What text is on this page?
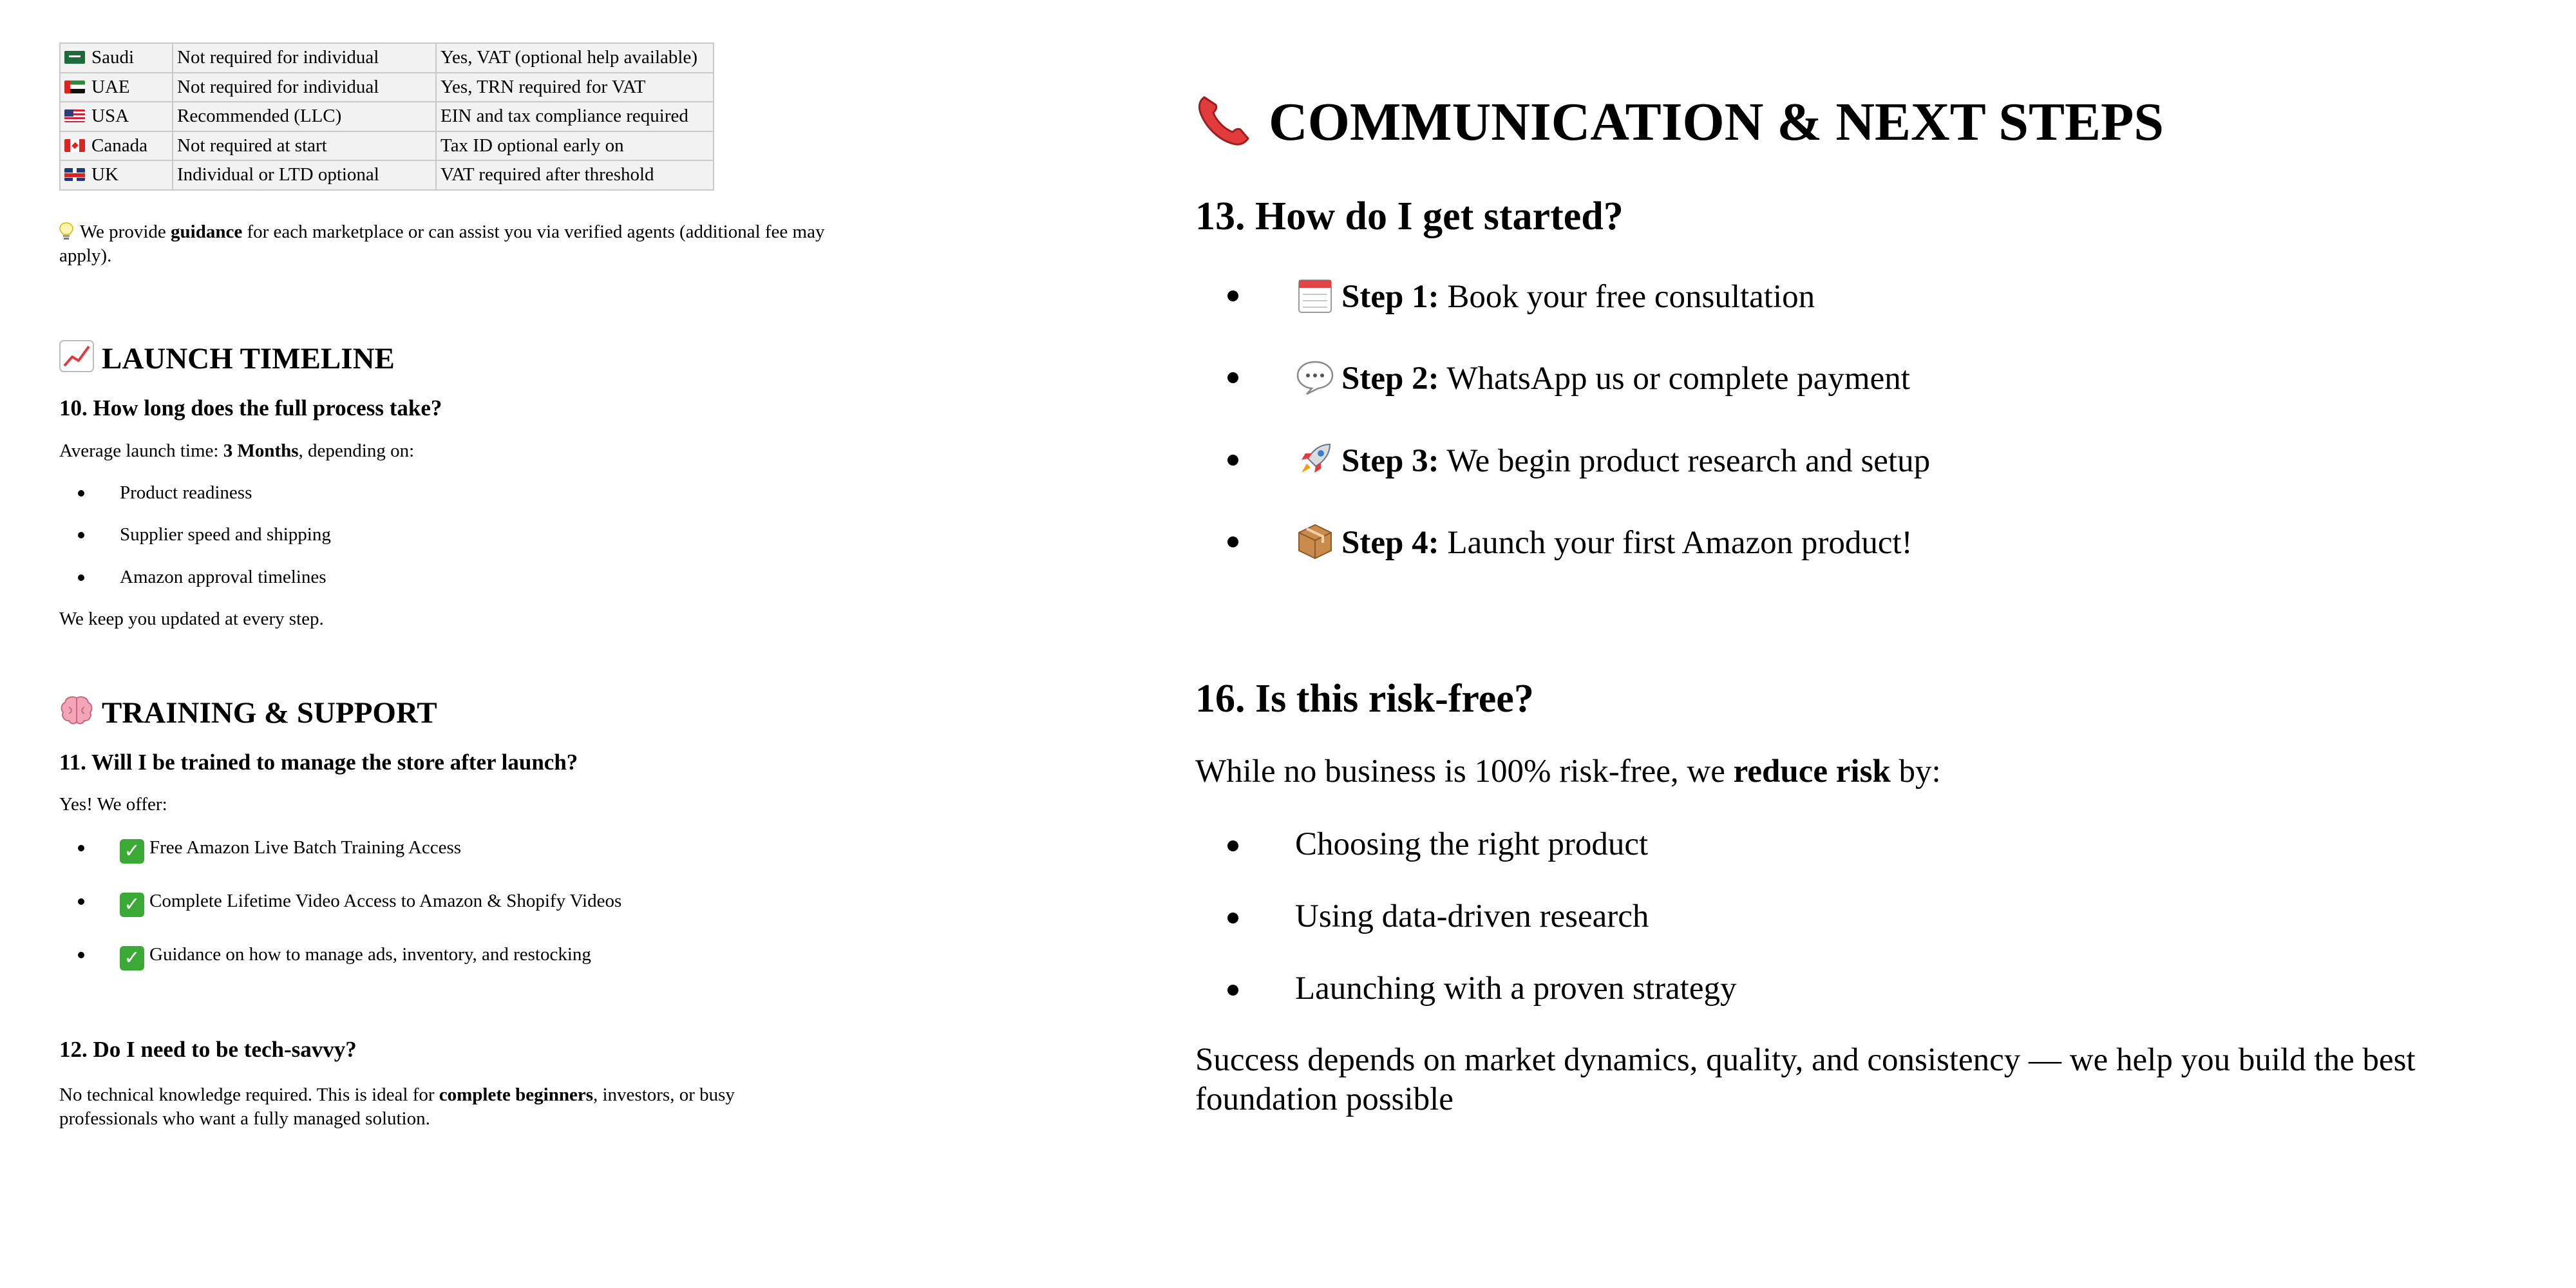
Saudi	Not required for individual	Yes, VAT (optional help available)
UAE	Not required for individual	Yes, TRN required for VAT
USA	Recommended (LLC)	EIN and tax compliance required
Canada	Not required at start	Tax ID optional early on
UK	Individual or LTD optional	VAT required after threshold

We provide guidance for each marketplace or can assist you via verified agents (additional fee may apply).

LAUNCH TIMELINE
10. How long does the full process take?

Average launch time: 3 Months, depending on:

Product readiness
Supplier speed and shipping
Amazon approval timelines

We keep you updated at every step.

TRAINING & SUPPORT
11. Will I be trained to manage the store after launch?

Yes! We offer:

✓ Free Amazon Live Batch Training Access
✓ Complete Lifetime Video Access to Amazon & Shopify Videos
✓ Guidance on how to manage ads, inventory, and restocking
12. Do I need to be tech-savvy?

No technical knowledge required. This is ideal for complete beginners, investors, or busy professionals who want a fully managed solution.

COMMUNICATION & NEXT STEPS
13. How do I get started?
Step 1: Book your free consultation
Step 2: WhatsApp us or complete payment
Step 3: We begin product research and setup
Step 4: Launch your first Amazon product!
16. Is this risk-free?

While no business is 100% risk-free, we reduce risk by:

Choosing the right product
Using data-driven research
Launching with a proven strategy

Success depends on market dynamics, quality, and consistency — we help you build the best foundation possible
